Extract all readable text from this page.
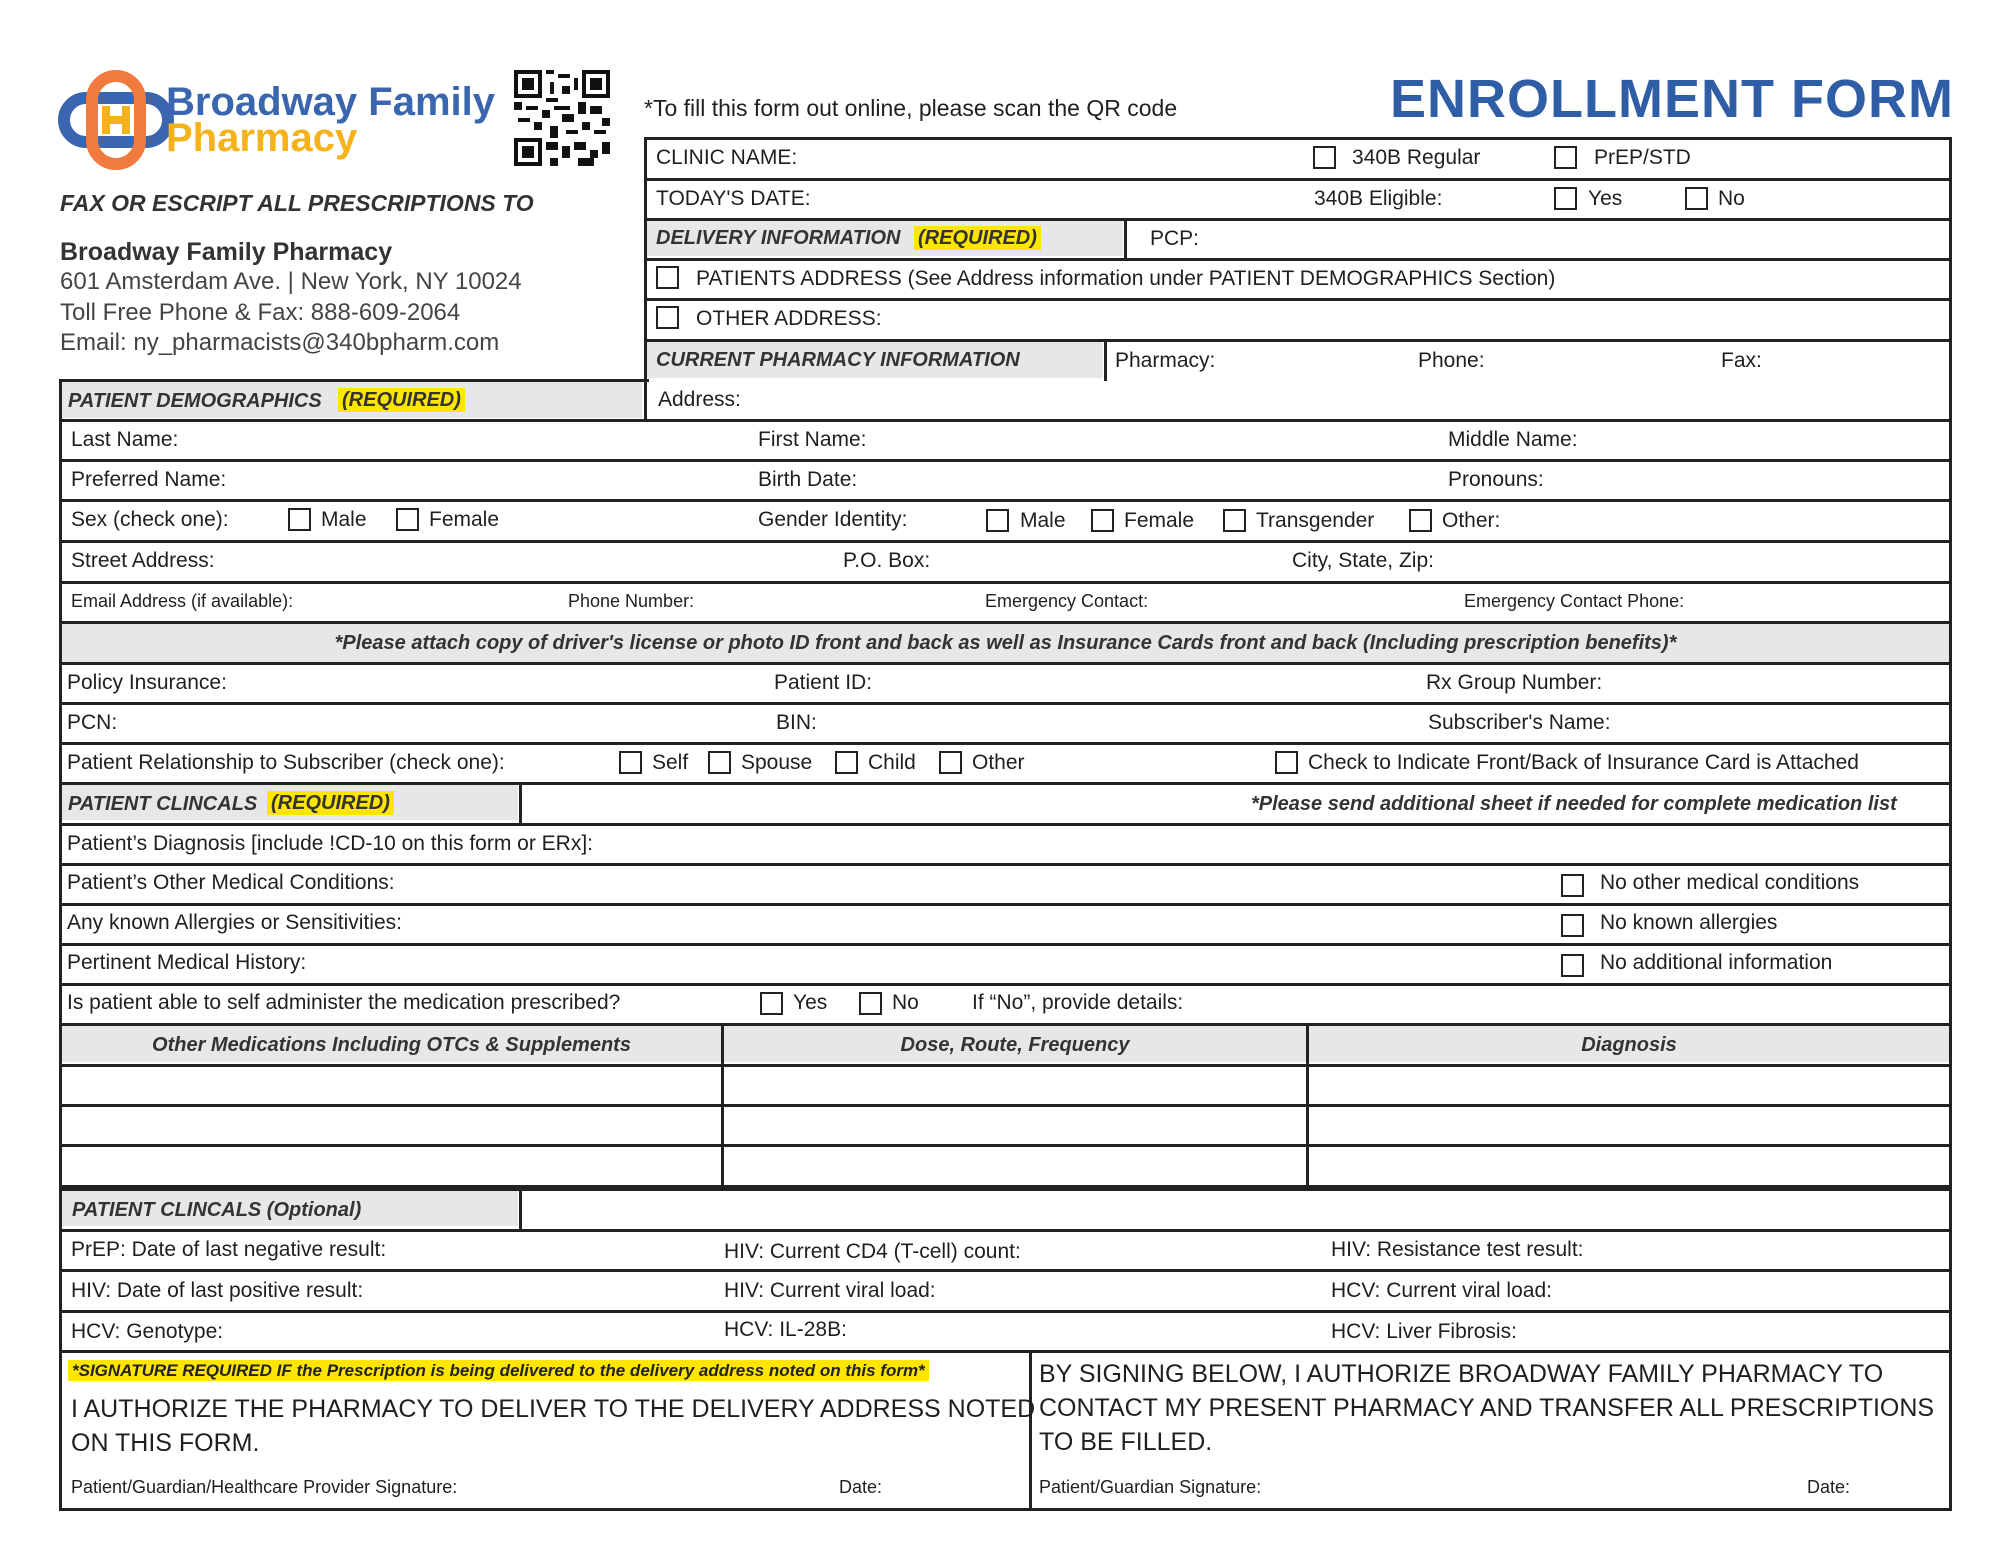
Broadway Family
Pharmacy
*To fill this form out online, please scan the QR code	ENROLLMENT FORM
FAX OR ESCRIPT ALL PRESCRIPTIONS TO
Broadway Family Pharmacy
601 Amsterdam Ave. | New York, NY 10024
Toll Free Phone & Fax: 888-609-2064
Email: ny_pharmacists@340bpharm.com
CLINIC NAME:	340B Regular	PrEP/STD
TODAY'S DATE:	340B Eligible:	Yes	No
DELIVERY INFORMATION (REQUIRED)	PCP:
PATIENTS ADDRESS (See Address information under PATIENT DEMOGRAPHICS Section)
OTHER ADDRESS:
CURRENT PHARMACY INFORMATION	Pharmacy:	Phone:	Fax:
PATIENT DEMOGRAPHICS (REQUIRED)	Address:
Last Name:	First Name:	Middle Name:
Preferred Name:	Birth Date:	Pronouns:
Sex (check one):	Male	Female	Gender Identity:	Male	Female	Transgender	Other:
Street Address:	P.O. Box:	City, State, Zip:
Email Address (if available):	Phone Number:	Emergency Contact:	Emergency Contact Phone:
*Please attach copy of driver's license or photo ID front and back as well as Insurance Cards front and back (Including prescription benefits)*
Policy Insurance:	Patient ID:	Rx Group Number:
PCN:	BIN:	Subscriber's Name:
Patient Relationship to Subscriber (check one):	Self	Spouse	Child	Other	Check to Indicate Front/Back of Insurance Card is Attached
PATIENT CLINCALS (REQUIRED)	*Please send additional sheet if needed for complete medication list
Patient’s Diagnosis [include !CD-10 on this form or ERx]:
Patient’s Other Medical Conditions:	No other medical conditions
Any known Allergies or Sensitivities:	No known allergies
Pertinent Medical History:	No additional information
Is patient able to self administer the medication prescribed?	Yes	No	If “No”, provide details:
Other Medications Including OTCs & Supplements	Dose, Route, Frequency	Diagnosis
PATIENT CLINCALS (Optional)
PrEP: Date of last negative result:	HIV: Current CD4 (T-cell) count:	HIV: Resistance test result:
HIV: Date of last positive result:	HIV: Current viral load:	HCV: Current viral load:
HCV: Genotype:	HCV: IL-28B:	HCV: Liver Fibrosis:
*SIGNATURE REQUIRED IF the Prescription is being delivered to the delivery address noted on this form*
I AUTHORIZE THE PHARMACY TO DELIVER TO THE DELIVERY ADDRESS NOTED
ON THIS FORM.
Patient/Guardian/Healthcare Provider Signature:	Date:
BY SIGNING BELOW, I AUTHORIZE BROADWAY FAMILY PHARMACY TO
CONTACT MY PRESENT PHARMACY AND TRANSFER ALL PRESCRIPTIONS
TO BE FILLED.
Patient/Guardian Signature:	Date:
